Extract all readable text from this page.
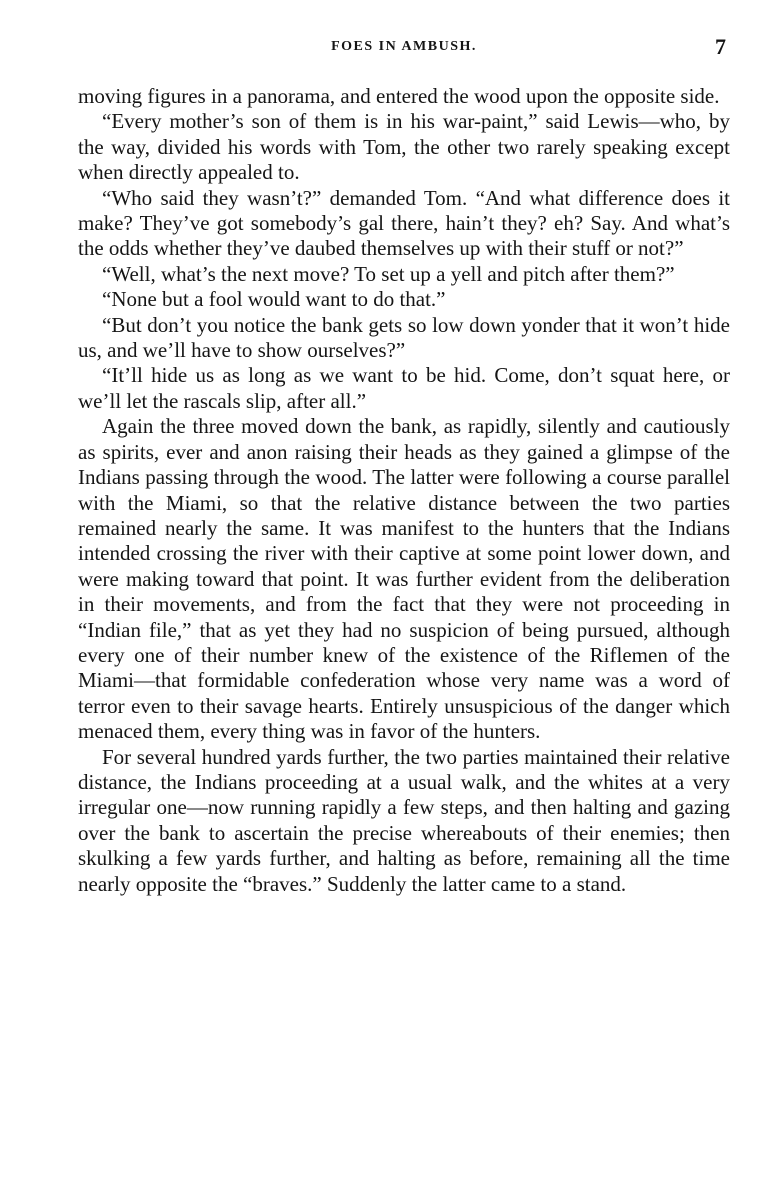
FOES IN AMBUSH.	7

moving figures in a panorama, and entered the wood upon the opposite side.

“Every mother’s son of them is in his war-paint,” said Lewis—who, by the way, divided his words with Tom, the other two rarely speaking except when directly appealed to.

“Who said they wasn’t?” demanded Tom. “And what difference does it make? They’ve got somebody’s gal there, hain’t they? eh? Say. And what’s the odds whether they’ve daubed themselves up with their stuff or not?”

“Well, what’s the next move? To set up a yell and pitch after them?”

“None but a fool would want to do that.”

“But don’t you notice the bank gets so low down yonder that it won’t hide us, and we’ll have to show ourselves?”

“It’ll hide us as long as we want to be hid. Come, don’t squat here, or we’ll let the rascals slip, after all.”

Again the three moved down the bank, as rapidly, silently and cautiously as spirits, ever and anon raising their heads as they gained a glimpse of the Indians passing through the wood. The latter were following a course parallel with the Miami, so that the relative distance between the two parties remained nearly the same. It was manifest to the hunters that the Indians intended crossing the river with their captive at some point lower down, and were making toward that point. It was further evident from the deliberation in their movements, and from the fact that they were not proceeding in “Indian file,” that as yet they had no suspicion of being pursued, although every one of their number knew of the existence of the Riflemen of the Miami—that formidable confederation whose very name was a word of terror even to their savage hearts. Entirely unsuspicious of the danger which menaced them, every thing was in favor of the hunters.

For several hundred yards further, the two parties maintained their relative distance, the Indians proceeding at a usual walk, and the whites at a very irregular one—now running rapidly a few steps, and then halting and gazing over the bank to ascertain the precise whereabouts of their enemies; then skulking a few yards further, and halting as before, remaining all the time nearly opposite the “braves.” Suddenly the latter came to a stand.
